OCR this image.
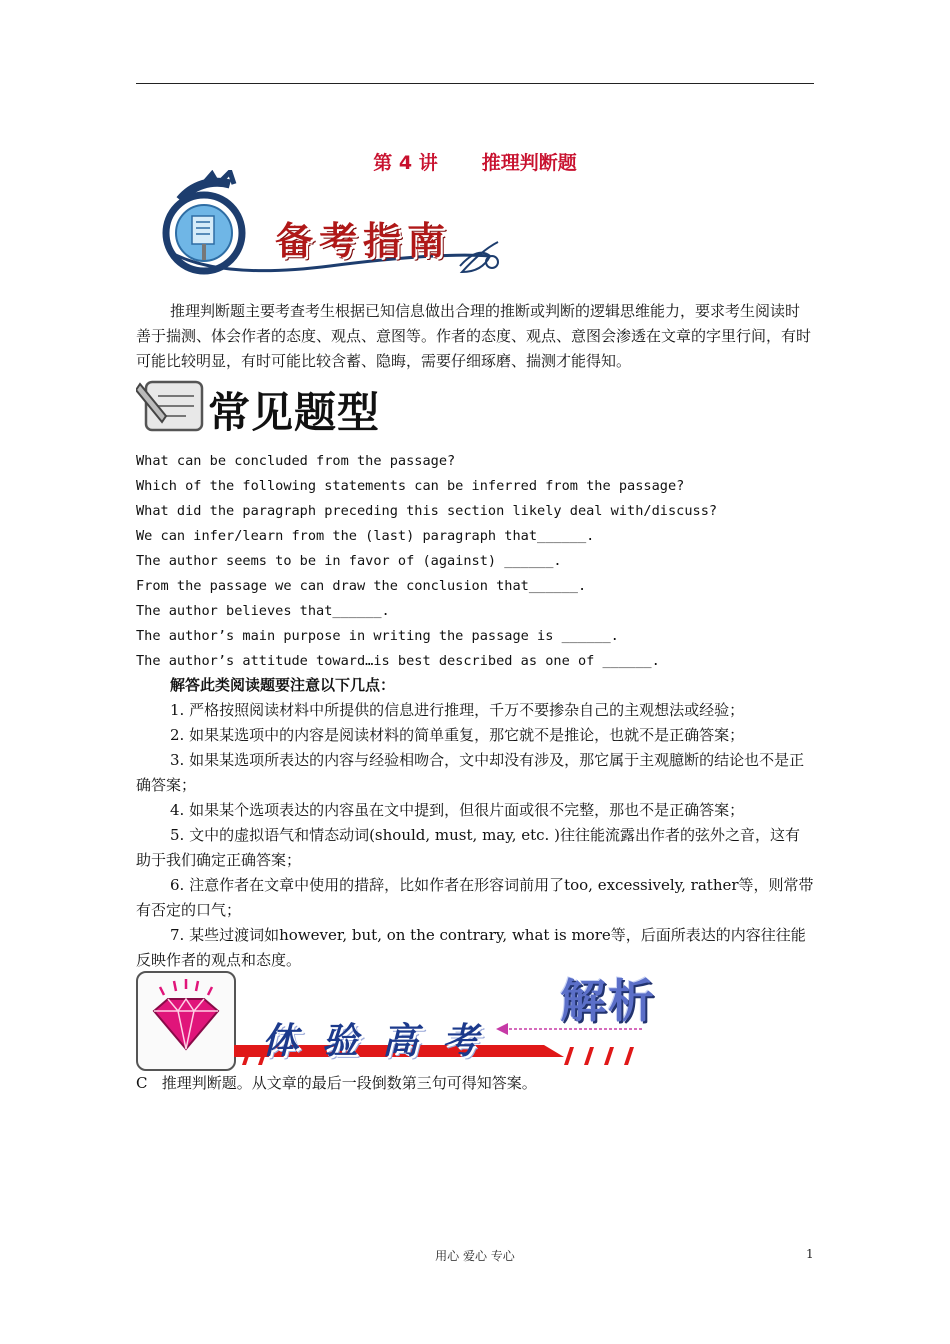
第 4 讲 推理判断题
备考指南

推理判断题主要考查考生根据已知信息做出合理的推断或判断的逻辑思维能力，要求考生阅读时善于揣测、体会作者的态度、观点、意图等。作者的态度、观点、意图会渗透在文章的字里行间，有时可能比较明显，有时可能比较含蓄、隐晦，需要仔细琢磨、揣测才能得知。

常见题型

What can be concluded from the passage?

Which of the following statements can be inferred from the passage?

What did the paragraph preceding this section likely deal with/discuss?

We can infer/learn from the (last) paragraph that______.

The author seems to be in favor of (against) ______.

From the passage we can draw the conclusion that______.

The author believes that______.

The author’s main purpose in writing the passage is ______.

The author’s attitude toward…is best described as one of ______.

解答此类阅读题要注意以下几点：

1. 严格按照阅读材料中所提供的信息进行推理，千万不要掺杂自己的主观想法或经验；

2. 如果某选项中的内容是阅读材料的简单重复，那它就不是推论，也就不是正确答案；

3. 如果某选项所表达的内容与经验相吻合，文中却没有涉及，那它属于主观臆断的结论也不是正确答案；

4. 如果某个选项表达的内容虽在文中提到，但很片面或很不完整，那也不是正确答案；

5. 文中的虚拟语气和情态动词(should, must, may, etc. )往往能流露出作者的弦外之音，这有助于我们确定正确答案；

6. 注意作者在文章中使用的措辞，比如作者在形容词前用了too, excessively, rather等，则常带有否定的口气；

7. 某些过渡词如however, but, on the contrary, what is more等，后面所表达的内容往往能反映作者的观点和态度。

体验高考
解析

C   推理判断题。从文章的最后一段倒数第三句可得知答案。

用心 爱心 专心	1
